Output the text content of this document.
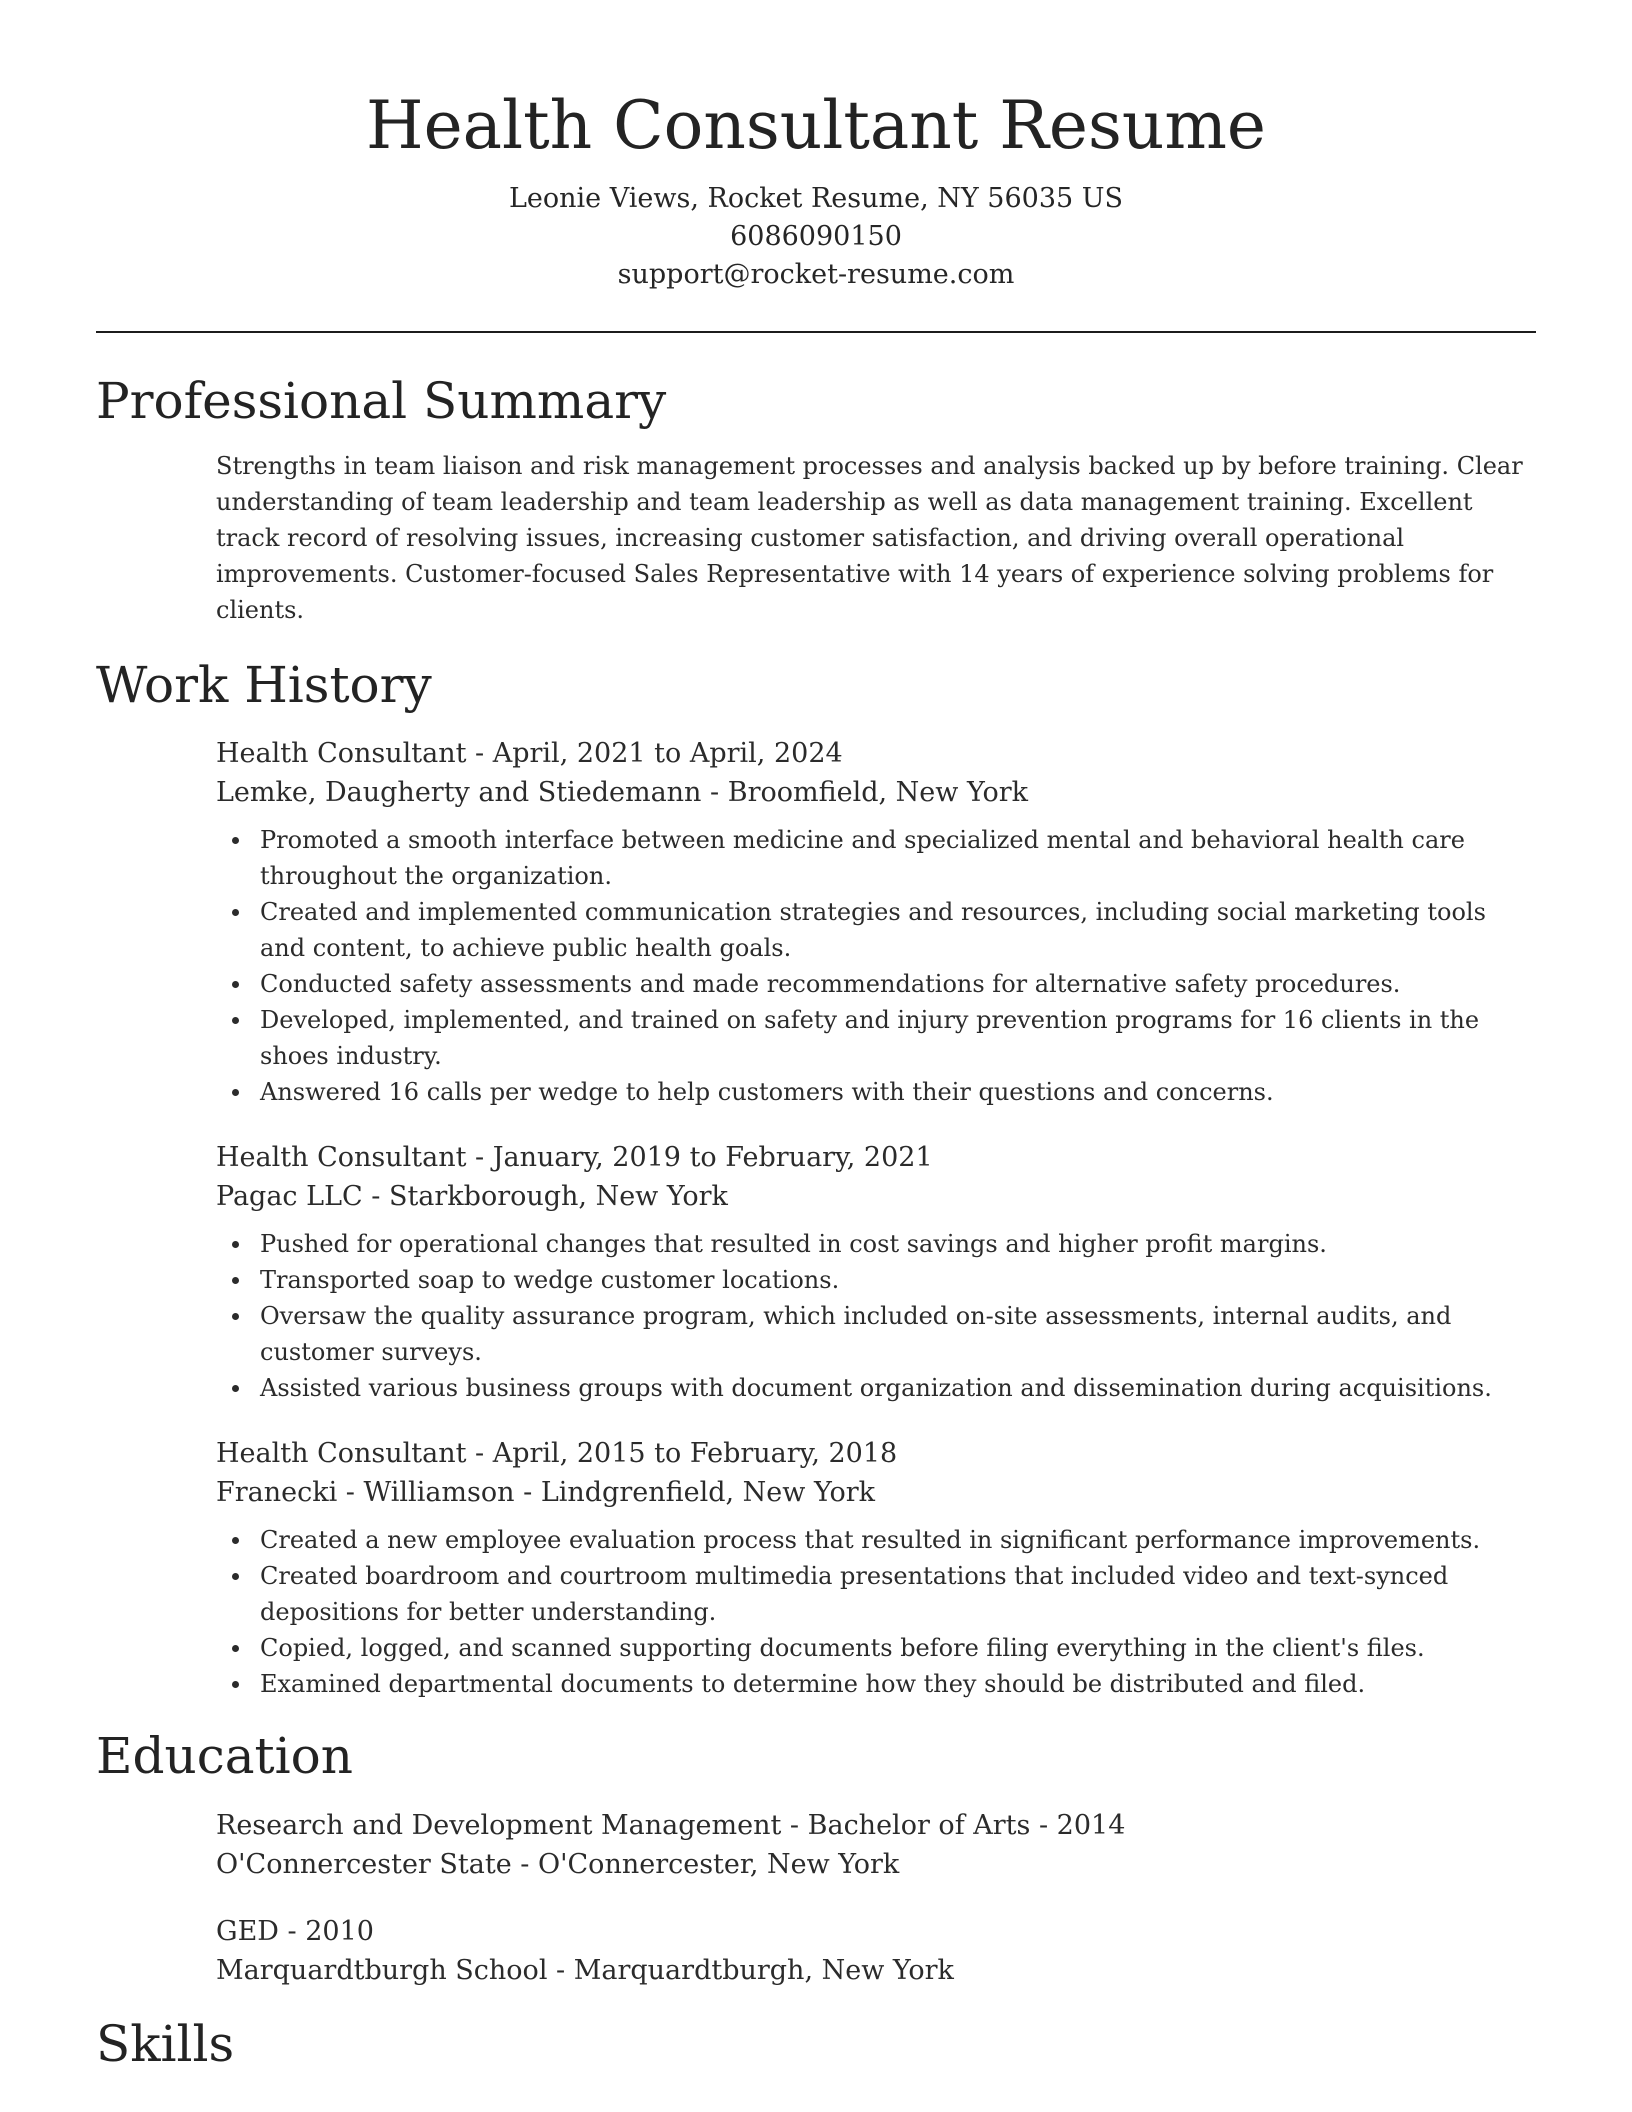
Health Consultant Resume

Leonie Views, Rocket Resume, NY 56035 US

6086090150

support@rocket-resume.com

Professional Summary

Strengths in team liaison and risk management processes and analysis backed up by before training. Clear understanding of team leadership and team leadership as well as data management training. Excellent track record of resolving issues, increasing customer satisfaction, and driving overall operational improvements. Customer-focused Sales Representative with 14 years of experience solving problems for clients.

Work History

Health Consultant - April, 2021 to April, 2024

Lemke, Daugherty and Stiedemann - Broomfield, New York

Promoted a smooth interface between medicine and specialized mental and behavioral health care throughout the organization.
Created and implemented communication strategies and resources, including social marketing tools and content, to achieve public health goals.
Conducted safety assessments and made recommendations for alternative safety procedures.
Developed, implemented, and trained on safety and injury prevention programs for 16 clients in the shoes industry.
Answered 16 calls per wedge to help customers with their questions and concerns.

Health Consultant - January, 2019 to February, 2021

Pagac LLC - Starkborough, New York

Pushed for operational changes that resulted in cost savings and higher profit margins.
Transported soap to wedge customer locations.
Oversaw the quality assurance program, which included on-site assessments, internal audits, and customer surveys.
Assisted various business groups with document organization and dissemination during acquisitions.

Health Consultant - April, 2015 to February, 2018

Franecki - Williamson - Lindgrenfield, New York

Created a new employee evaluation process that resulted in significant performance improvements.
Created boardroom and courtroom multimedia presentations that included video and text-synced depositions for better understanding.
Copied, logged, and scanned supporting documents before filing everything in the client's files.
Examined departmental documents to determine how they should be distributed and filed.
Education

Research and Development Management - Bachelor of Arts - 2014

O'Connercester State - O'Connercester, New York

GED - 2010

Marquardtburgh School - Marquardtburgh, New York

Skills
